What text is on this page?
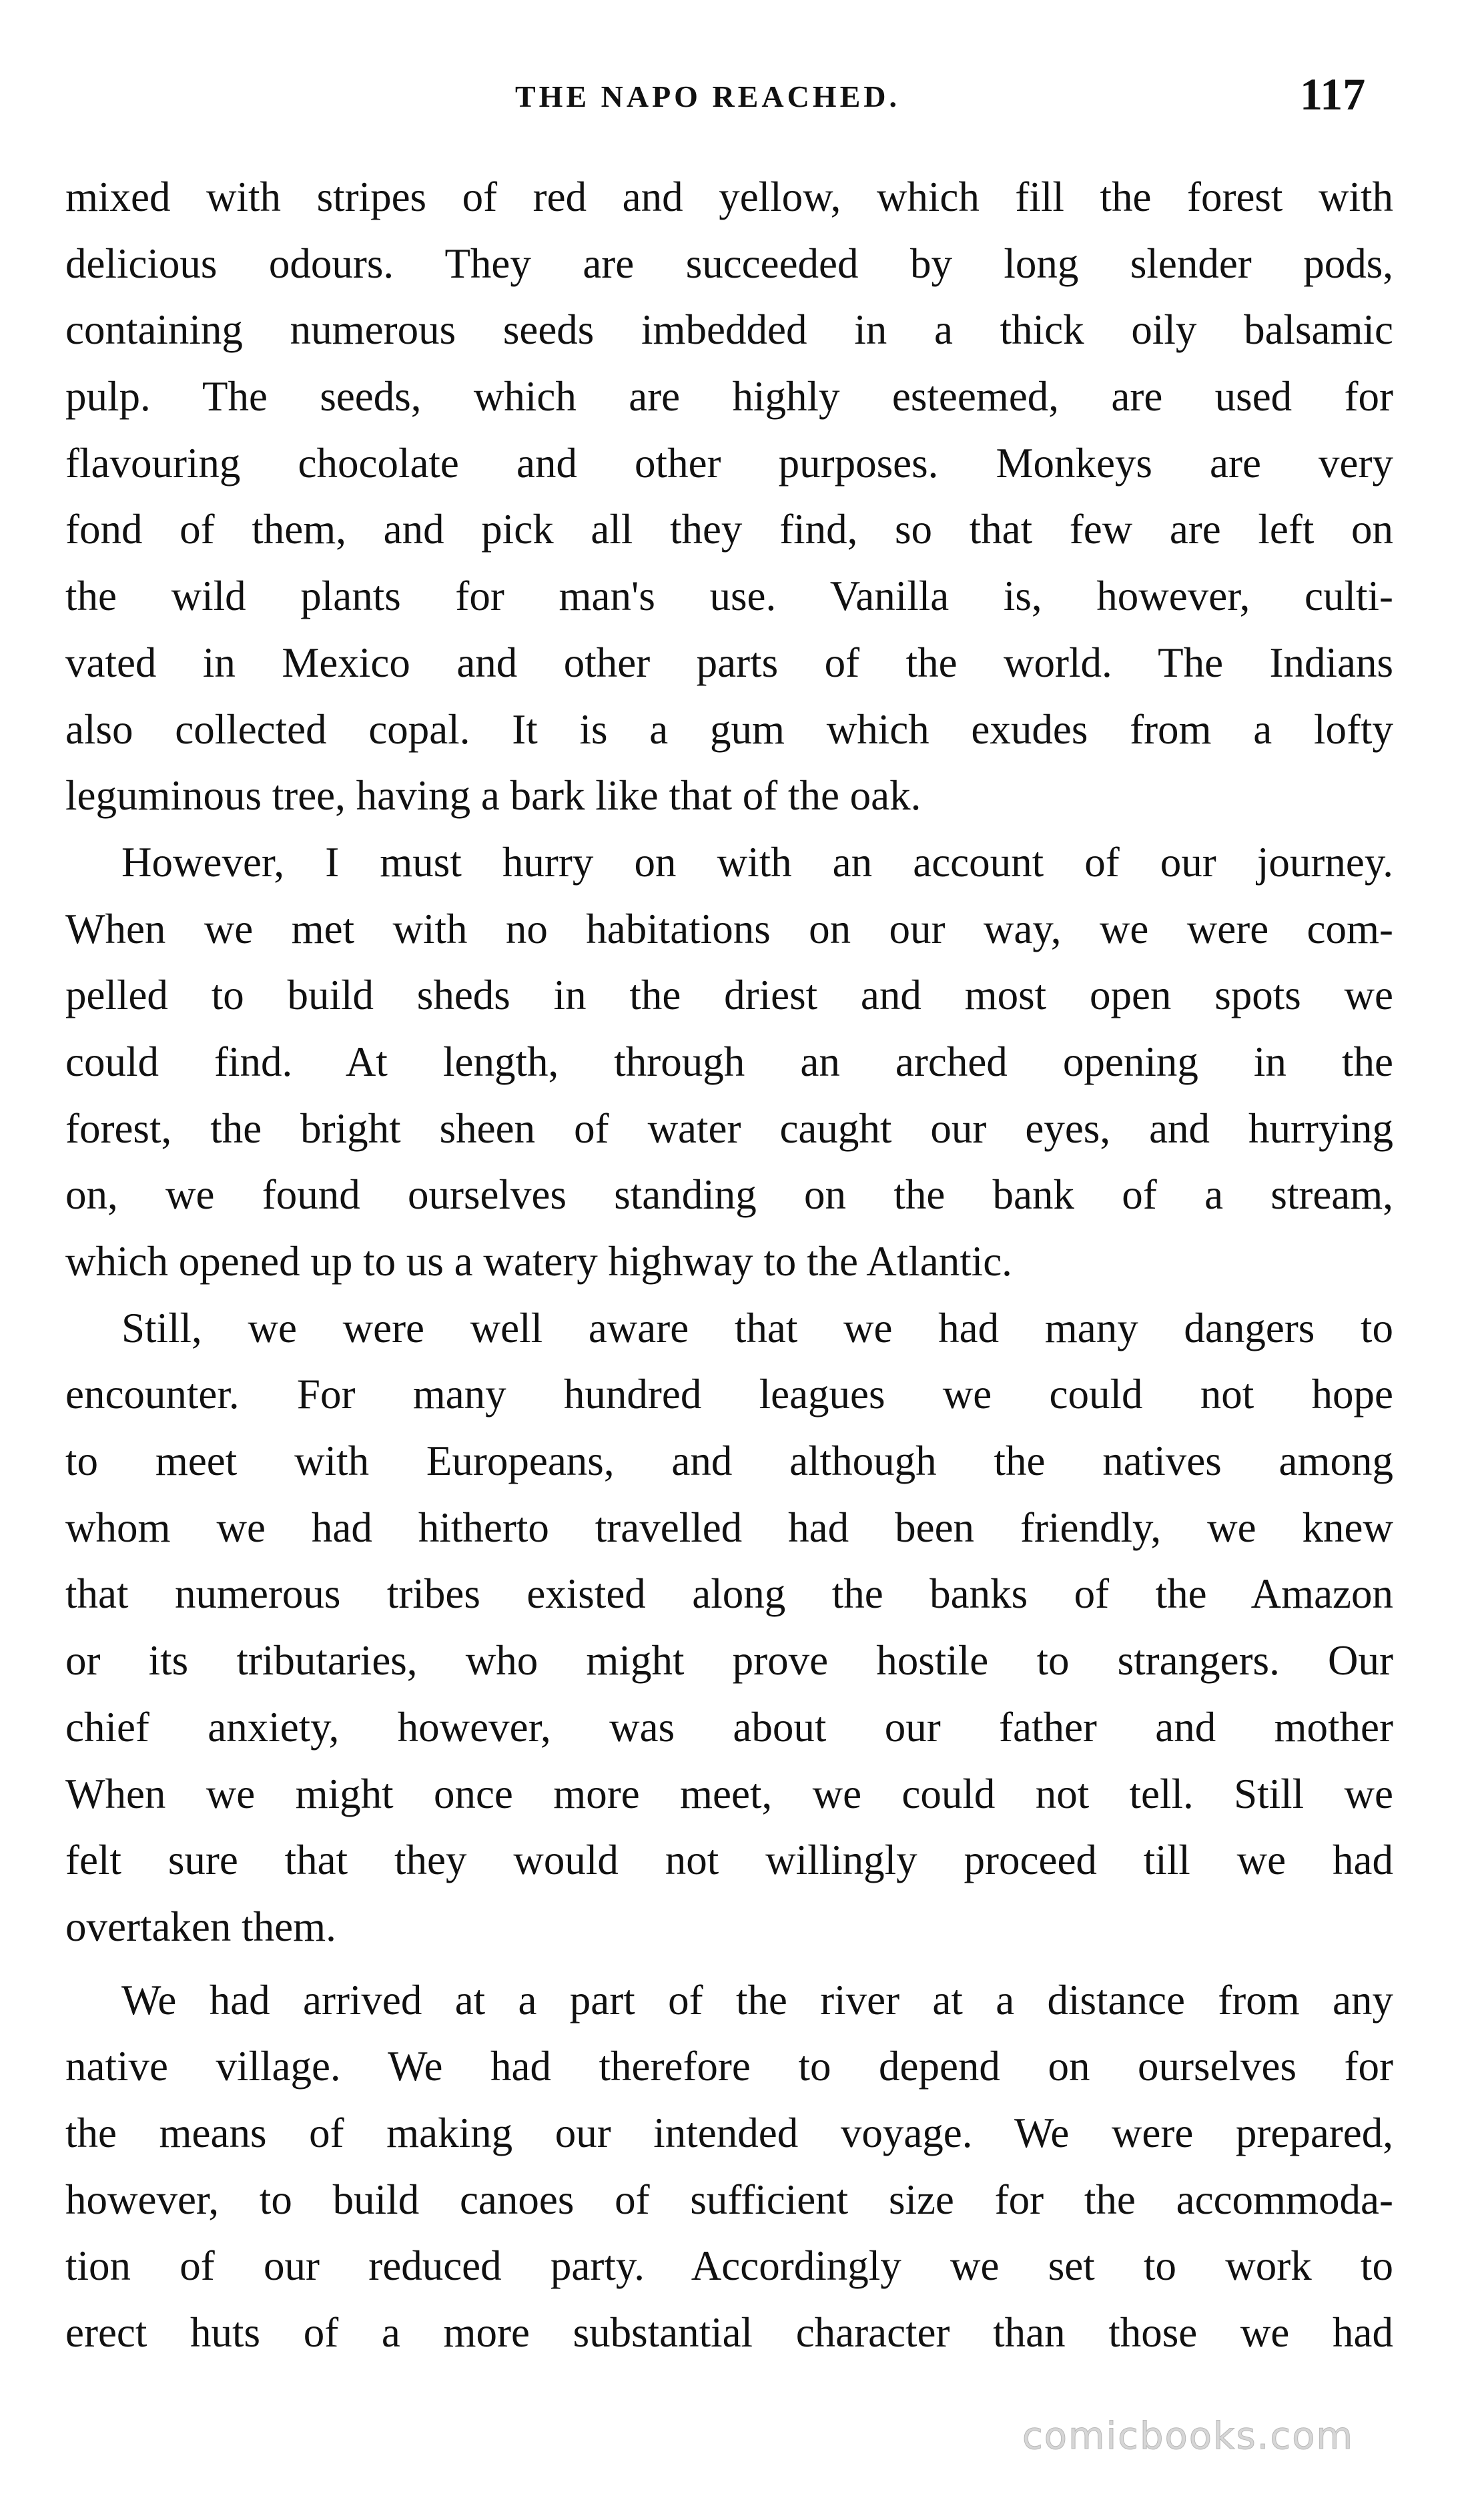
THE NAPO REACHED.	117
mixed with stripes of red and yellow, which fill the forest with
delicious odours. They are succeeded by long slender pods,
containing numerous seeds imbedded in a thick oily balsamic
pulp. The seeds, which are highly esteemed, are used for
flavouring chocolate and other purposes. Monkeys are very
fond of them, and pick all they find, so that few are left on
the wild plants for man's use. Vanilla is, however, culti-
vated in Mexico and other parts of the world. The Indians
also collected copal. It is a gum which exudes from a lofty
leguminous tree, having a bark like that of the oak.
However, I must hurry on with an account of our journey.
When we met with no habitations on our way, we were com-
pelled to build sheds in the driest and most open spots we
could find. At length, through an arched opening in the
forest, the bright sheen of water caught our eyes, and hurrying
on, we found ourselves standing on the bank of a stream,
which opened up to us a watery highway to the Atlantic.
Still, we were well aware that we had many dangers to
encounter. For many hundred leagues we could not hope
to meet with Europeans, and although the natives among
whom we had hitherto travelled had been friendly, we knew
that numerous tribes existed along the banks of the Amazon
or its tributaries, who might prove hostile to strangers. Our
chief anxiety, however, was about our father and mother
When we might once more meet, we could not tell. Still we
felt sure that they would not willingly proceed till we had
overtaken them.
We had arrived at a part of the river at a distance from any
native village. We had therefore to depend on ourselves for
the means of making our intended voyage. We were prepared,
however, to build canoes of sufficient size for the accommoda-
tion of our reduced party. Accordingly we set to work to
erect huts of a more substantial character than those we had
comicbooks.com
